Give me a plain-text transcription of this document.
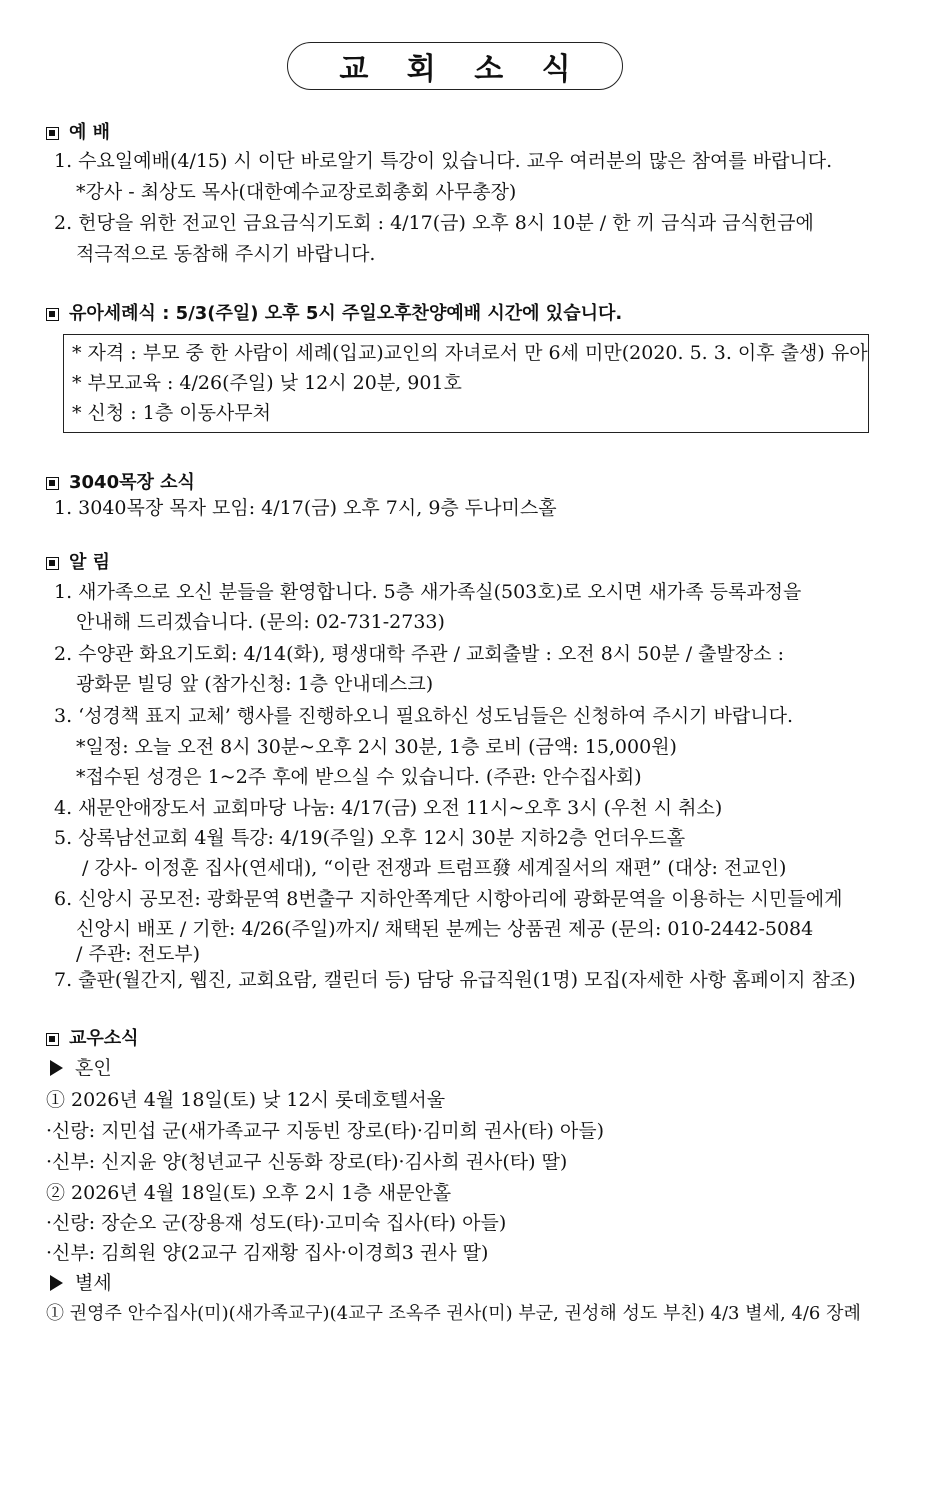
교 회 소 식
예 배
1. 수요일예배(4/15) 시 이단 바로알기 특강이 있습니다. 교우 여러분의 많은 참여를 바랍니다.
*강사 - 최상도 목사(대한예수교장로회총회 사무총장)
2. 헌당을 위한 전교인 금요금식기도회 : 4/17(금) 오후 8시 10분 / 한 끼 금식과 금식헌금에
적극적으로 동참해 주시기 바랍니다.
유아세례식 : 5/3(주일) 오후 5시 주일오후찬양예배 시간에 있습니다.
* 자격 : 부모 중 한 사람이 세례(입교)교인의 자녀로서 만 6세 미만(2020. 5. 3. 이후 출생) 유아
* 부모교육 : 4/26(주일) 낮 12시 20분, 901호
* 신청 : 1층 이동사무처
3040목장 소식
1. 3040목장 목자 모임: 4/17(금) 오후 7시, 9층 두나미스홀
알 림
1. 새가족으로 오신 분들을 환영합니다. 5층 새가족실(503호)로 오시면 새가족 등록과정을
안내해 드리겠습니다. (문의: 02-731-2733)
2. 수양관 화요기도회: 4/14(화), 평생대학 주관 / 교회출발 : 오전 8시 50분 / 출발장소 :
광화문 빌딩 앞 (참가신청: 1층 안내데스크)
3. ‘성경책 표지 교체’ 행사를 진행하오니 필요하신 성도님들은 신청하여 주시기 바랍니다.
*일정: 오늘 오전 8시 30분~오후 2시 30분, 1층 로비 (금액: 15,000원)
*접수된 성경은 1~2주 후에 받으실 수 있습니다. (주관: 안수집사회)
4. 새문안애장도서 교회마당 나눔: 4/17(금) 오전 11시~오후 3시 (우천 시 취소)
5. 상록남선교회 4월 특강: 4/19(주일) 오후 12시 30분 지하2층 언더우드홀
/ 강사- 이정훈 집사(연세대), “이란 전쟁과 트럼프發 세계질서의 재편” (대상: 전교인)
6. 신앙시 공모전: 광화문역 8번출구 지하안쪽계단 시항아리에 광화문역을 이용하는 시민들에게
신앙시 배포 / 기한: 4/26(주일)까지/ 채택된 분께는 상품권 제공 (문의: 010-2442-5084
/ 주관: 전도부)
7. 출판(월간지, 웹진, 교회요람, 캘린더 등) 담당 유급직원(1명) 모집(자세한 사항 홈페이지 참조)
교우소식
혼인
① 2026년 4월 18일(토) 낮 12시 롯데호텔서울
·신랑: 지민섭 군(새가족교구 지동빈 장로(타)·김미희 권사(타) 아들)
·신부: 신지윤 양(청년교구 신동화 장로(타)·김사희 권사(타) 딸)
② 2026년 4월 18일(토) 오후 2시 1층 새문안홀
·신랑: 장순오 군(장용재 성도(타)·고미숙 집사(타) 아들)
·신부: 김희원 양(2교구 김재황 집사·이경희3 권사 딸)
별세
① 권영주 안수집사(미)(새가족교구)(4교구 조옥주 권사(미) 부군, 권성해 성도 부친) 4/3 별세, 4/6 장례
